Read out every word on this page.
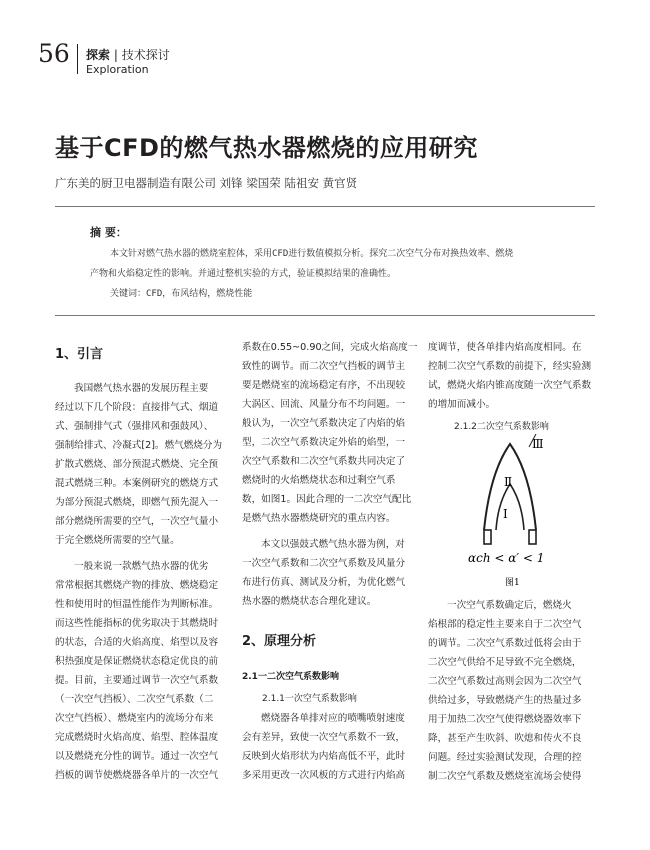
56 探索 | 技术探讨
Exploration
基于CFD的燃气热水器燃烧的应用研究
广东美的厨卫电器制造有限公司 刘锋 梁国荣 陆祖安 黄官贤
摘 要：
本文针对燃气热水器的燃烧室腔体，采用CFD进行数值模拟分析。探究二次空气分布对换热效率、燃烧
产物和火焰稳定性的影响。并通过整机实验的方式，验证模拟结果的准确性。
关键词：CFD，布风结构，燃烧性能
1、引言
我国燃气热水器的发展历程主要
经过以下几个阶段：直接排气式、烟道
式、强制排气式（强排风和强鼓风）、
强制给排式、冷凝式[2]。燃气燃烧分为
扩散式燃烧、部分预混式燃烧、完全预
混式燃烧三种。本案例研究的燃烧方式
为部分预混式燃烧，即燃气预先混入一
部分燃烧所需要的空气，一次空气量小
于完全燃烧所需要的空气量。
一般来说一款燃气热水器的优劣
常常根据其燃烧产物的排放、燃烧稳定
性和使用时的恒温性能作为判断标准。
而这些性能指标的优劣取决于其燃烧时
的状态，合适的火焰高度、焰型以及容
积热强度是保证燃烧状态稳定优良的前
提。目前，主要通过调节一次空气系数
（一次空气挡板）、二次空气系数（二
次空气挡板）、燃烧室内的流场分布来
完成燃烧时火焰高度、焰型、腔体温度
以及燃烧充分性的调节。通过一次空气
挡板的调节使燃烧器各单片的一次空气
系数在0.55~0.90之间，完成火焰高度一
致性的调节。而二次空气挡板的调节主
要是燃烧室的流场稳定有序，不出现较
大涡区、回流、风量分布不均问题。一
般认为，一次空气系数决定了内焰的焰
型，二次空气系数决定外焰的焰型，一
次空气系数和二次空气系数共同决定了
燃烧时的火焰燃烧状态和过剩空气系
数，如图1。因此合理的一二次空气配比
是燃气热水器燃烧研究的重点内容。
本文以强鼓式燃气热水器为例，对
一次空气系数和二次空气系数及风量分
布进行仿真、测试及分析，为优化燃气
热水器的燃烧状态合理化建议。
2、原理分析
2.1一二次空气系数影响
2.1.1一次空气系数影响
燃烧器各单排对应的喷嘴喷射速度
会有差异，致使一次空气系数不一致，
反映到火焰形状为内焰高低不平，此时
多采用更改一次风板的方式进行内焰高
度调节，使各单排内焰高度相同。在
控制二次空气系数的前提下，经实验测
试，燃烧火焰内锥高度随一次空气系数
的增加而减小。
2.1.2二次空气系数影响
Ⅲ
Ⅱ
Ⅰ
αch < α′ < 1
图1
一次空气系数确定后，燃烧火
焰根部的稳定性主要来自于二次空气
的调节。二次空气系数过低将会由于
二次空气供给不足导致不完全燃烧，
二次空气系数过高则会因为二次空气
供给过多，导致燃烧产生的热量过多
用于加热二次空气使得燃烧器效率下
降，甚至产生吹斜、吹熄和传火不良
问题。经过实验测试发现，合理的控
制二次空气系数及燃烧室流场会使得
